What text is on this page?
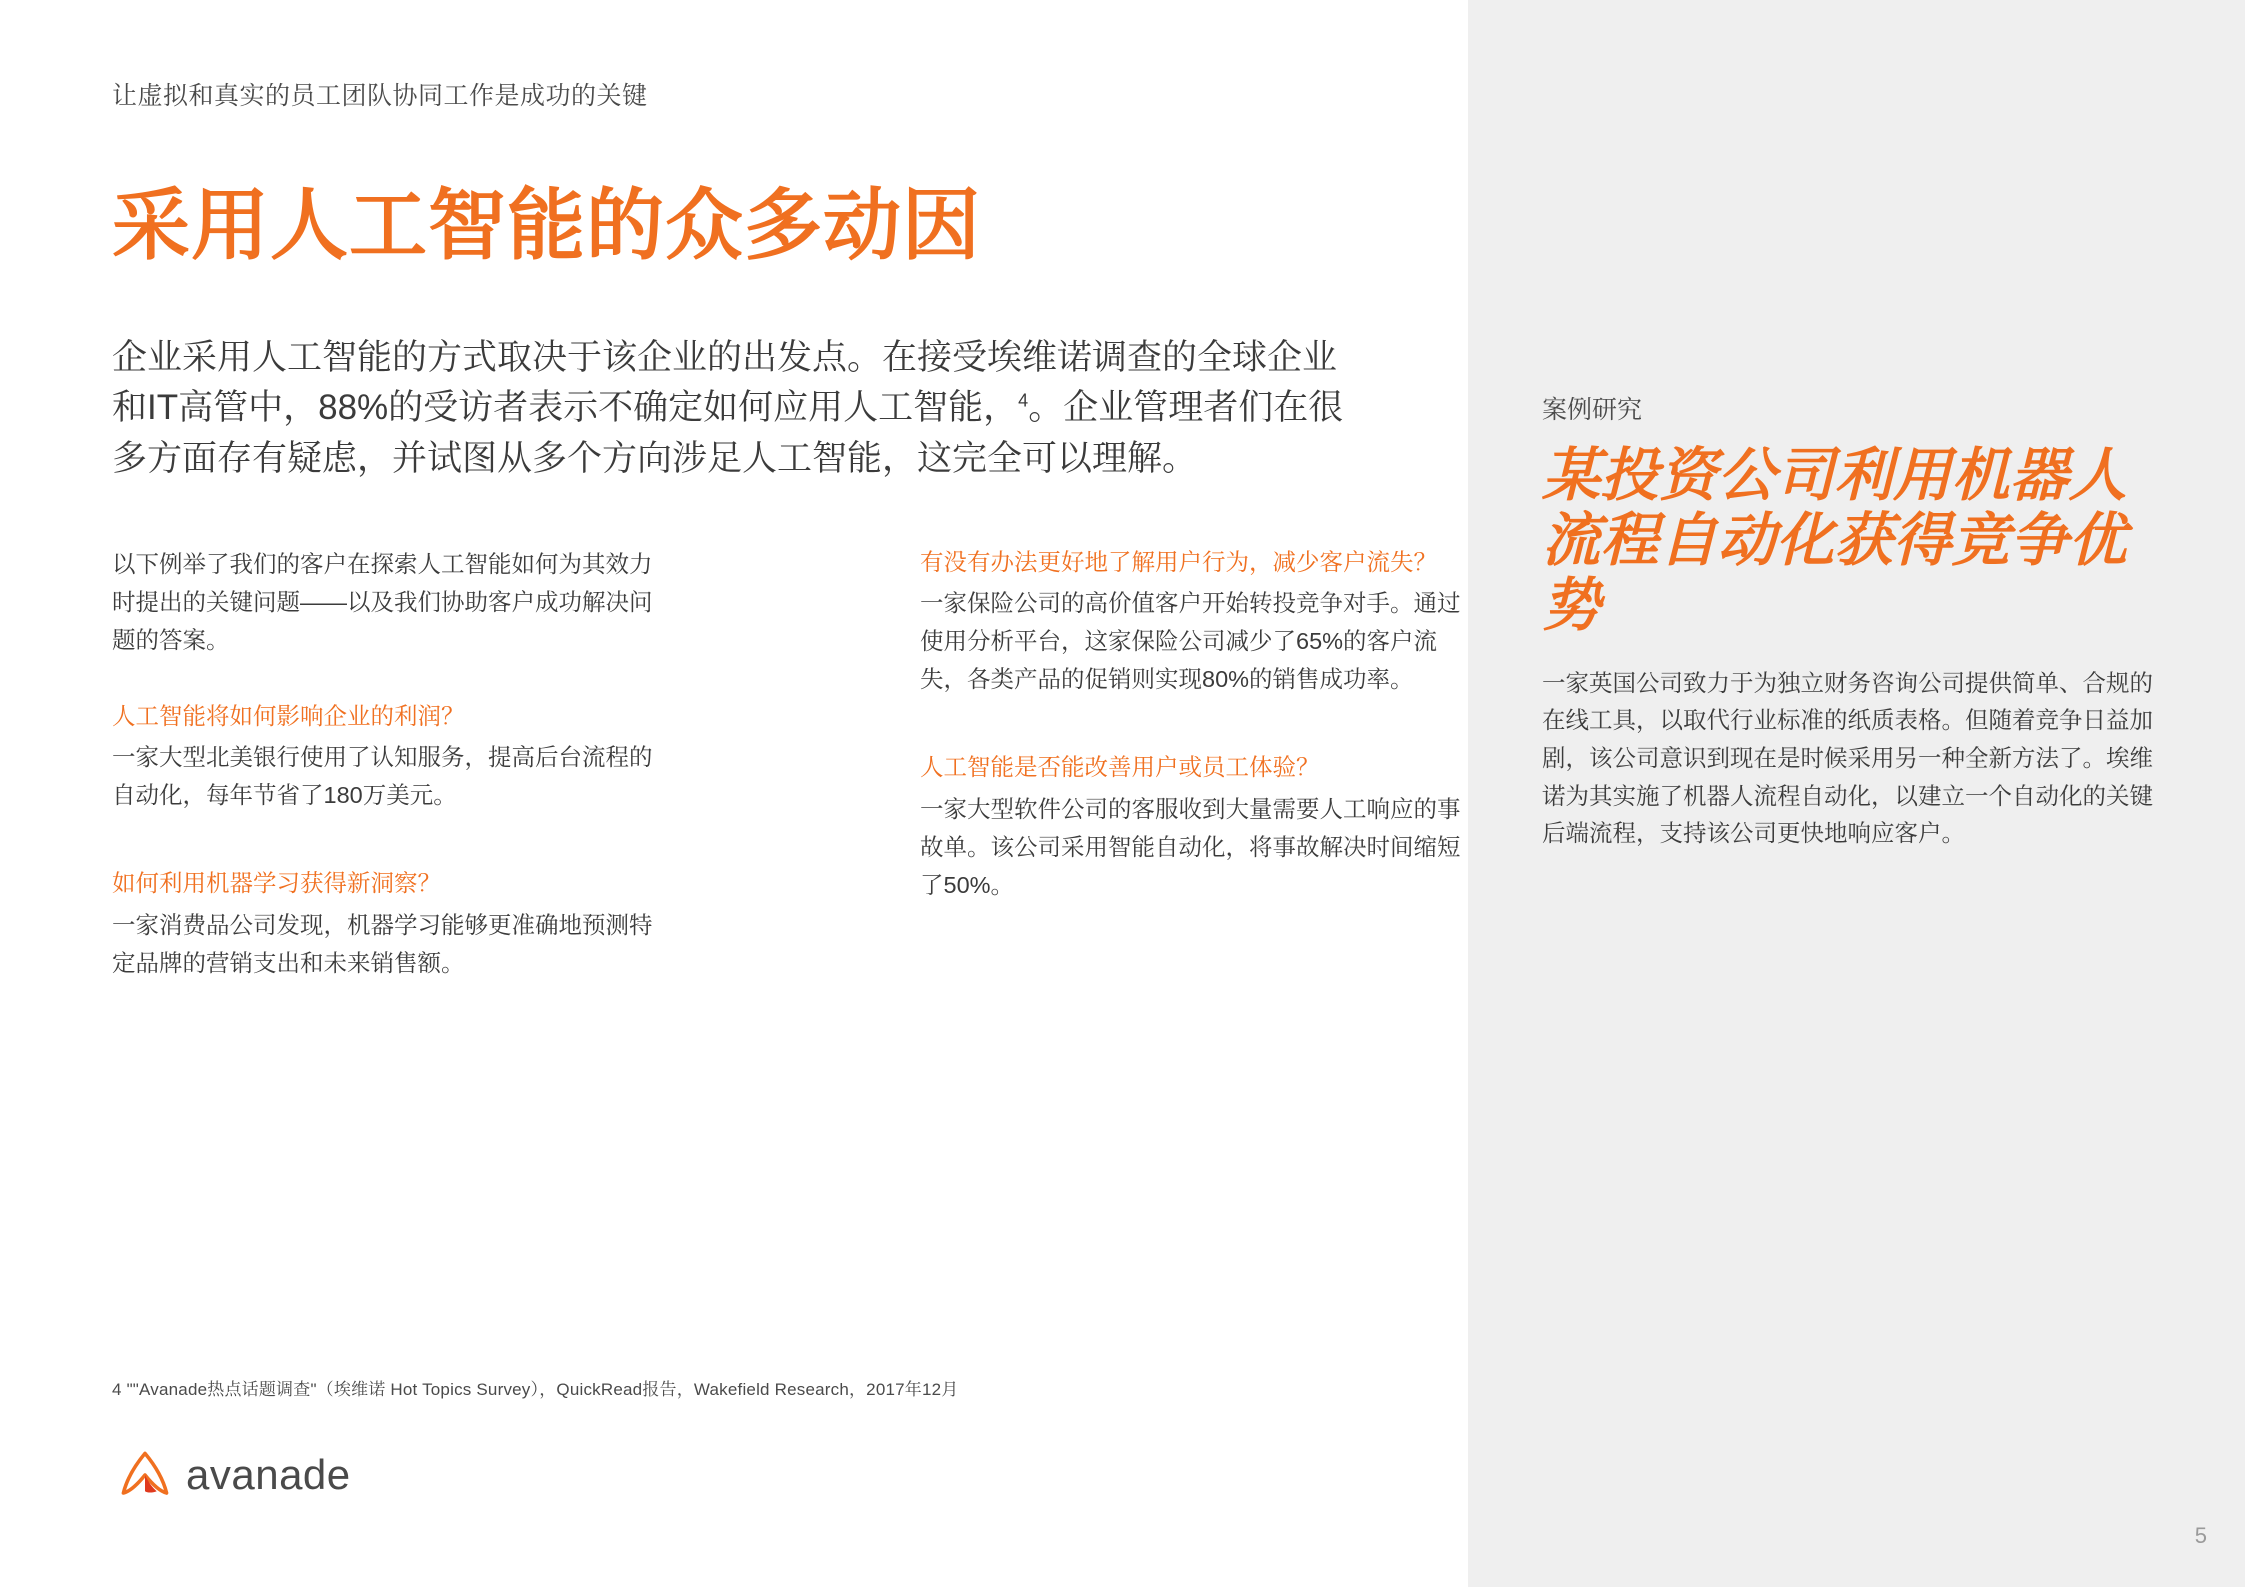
让虚拟和真实的员工团队协同工作是成功的关键
采用人工智能的众多动因

企业采用人工智能的方式取决于该企业的出发点。在接受埃维诺调查的全球企业和IT高管中，88%的受访者表示不确定如何应用人工智能，$^4$。企业管理者们在很多方面存有疑虑，并试图从多个方向涉足人工智能，这完全可以理解。

以下例举了我们的客户在探索人工智能如何为其效力时提出的关键问题——以及我们协助客户成功解决问题的答案。

人工智能将如何影响企业的利润？

一家大型北美银行使用了认知服务，提高后台流程的自动化，每年节省了180万美元。

如何利用机器学习获得新洞察？

一家消费品公司发现，机器学习能够更准确地预测特定品牌的营销支出和未来销售额。

有没有办法更好地了解用户行为，减少客户流失？

一家保险公司的高价值客户开始转投竞争对手。通过使用分析平台，这家保险公司减少了65%的客户流失，各类产品的促销则实现80%的销售成功率。

人工智能是否能改善用户或员工体验？

一家大型软件公司的客服收到大量需要人工响应的事故单。该公司采用智能自动化，将事故解决时间缩短了50%。

4 ""Avanade热点话题调查"（埃维诺 Hot Topics Survey），QuickRead报告，Wakefield Research，2017年12月
avanade
案例研究
某投资公司利用机器人流程自动化获得竞争优势

一家英国公司致力于为独立财务咨询公司提供简单、合规的在线工具，以取代行业标准的纸质表格。但随着竞争日益加剧，该公司意识到现在是时候采用另一种全新方法了。埃维诺为其实施了机器人流程自动化，以建立一个自动化的关键后端流程，支持该公司更快地响应客户。

5
